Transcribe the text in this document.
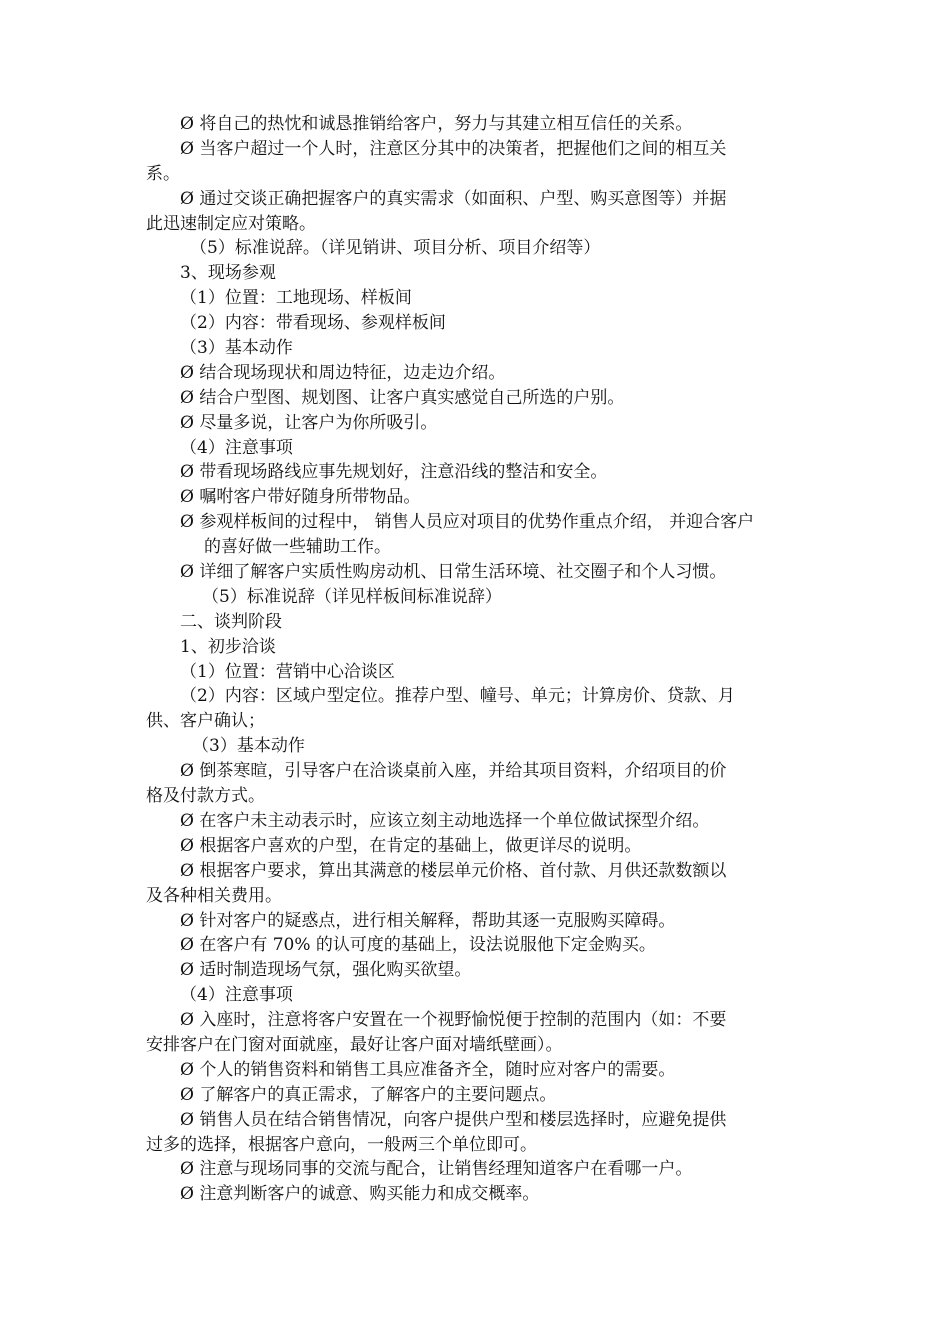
Ø 将自己的热忱和诚恳推销给客户，努力与其建立相互信任的关系。
Ø 当客户超过一个人时，注意区分其中的决策者，把握他们之间的相互关
系。
Ø 通过交谈正确把握客户的真实需求（如面积、户型、购买意图等）并据
此迅速制定应对策略。
（5）标准说辞。（详见销讲、项目分析、项目介绍等）
3、现场参观
（1）位置：工地现场、样板间
（2）内容：带看现场、参观样板间
（3）基本动作
Ø 结合现场现状和周边特征，边走边介绍。
Ø 结合户型图、规划图、让客户真实感觉自己所选的户别。
Ø 尽量多说，让客户为你所吸引。
（4）注意事项
Ø 带看现场路线应事先规划好，注意沿线的整洁和安全。
Ø 嘱咐客户带好随身所带物品。
Ø 参观样板间的过程中， 销售人员应对项目的优势作重点介绍， 并迎合客户
的喜好做一些辅助工作。
Ø 详细了解客户实质性购房动机、日常生活环境、社交圈子和个人习惯。
（5）标准说辞（详见样板间标准说辞）
二、谈判阶段
1、初步洽谈
（1）位置：营销中心洽谈区
（2）内容：区域户型定位。推荐户型、幢号、单元；计算房价、贷款、月
供、客户确认；
（3）基本动作
Ø 倒茶寒暄，引导客户在洽谈桌前入座，并给其项目资料，介绍项目的价
格及付款方式。
Ø 在客户未主动表示时，应该立刻主动地选择一个单位做试探型介绍。
Ø 根据客户喜欢的户型，在肯定的基础上，做更详尽的说明。
Ø 根据客户要求，算出其满意的楼层单元价格、首付款、月供还款数额以
及各种相关费用。
Ø 针对客户的疑惑点，进行相关解释，帮助其逐一克服购买障碍。
Ø 在客户有 70% 的认可度的基础上，设法说服他下定金购买。
Ø 适时制造现场气氛，强化购买欲望。
（4）注意事项
Ø 入座时，注意将客户安置在一个视野愉悦便于控制的范围内（如：不要
安排客户在门窗对面就座，最好让客户面对墙纸壁画）。
Ø 个人的销售资料和销售工具应准备齐全，随时应对客户的需要。
Ø 了解客户的真正需求，了解客户的主要问题点。
Ø 销售人员在结合销售情况，向客户提供户型和楼层选择时，应避免提供
过多的选择，根据客户意向，一般两三个单位即可。
Ø 注意与现场同事的交流与配合，让销售经理知道客户在看哪一户。
Ø 注意判断客户的诚意、购买能力和成交概率。
